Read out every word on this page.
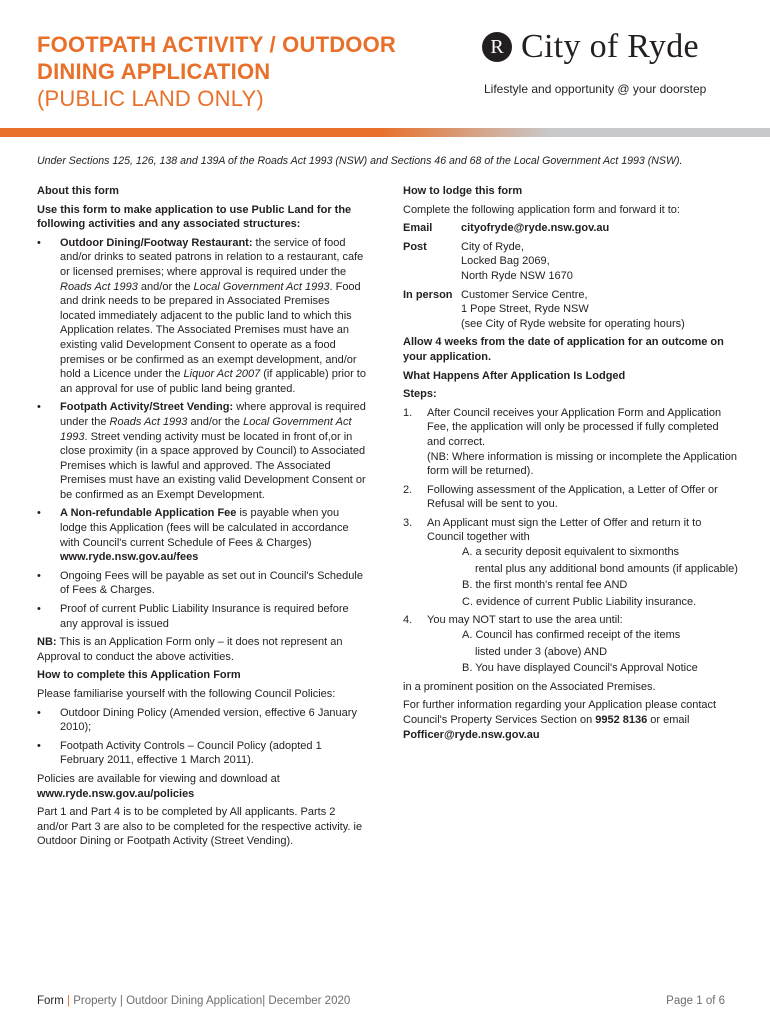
FOOTPATH ACTIVITY / OUTDOOR
DINING APPLICATION
(PUBLIC LAND ONLY)
R City of Ryde
Lifestyle and opportunity @ your doorstep
Under Sections 125, 126, 138 and 139A of the Roads Act 1993 (NSW) and Sections 46 and 68 of the Local Government Act 1993 (NSW).

About this form

Use this form to make application to use Public Land for the following activities and any associated structures:

• Outdoor Dining/Footway Restaurant: the service of food and/or drinks to seated patrons in relation to a restaurant, cafe or licensed premises; where approval is required under the Roads Act 1993 and/or the Local Government Act 1993. Food and drink needs to be prepared in Associated Premises located immediately adjacent to the public land to which this Application relates. The Associated Premises must have an existing valid Development Consent to operate as a food premises or be confirmed as an exempt development, and/or hold a Licence under the Liquor Act 2007 (if applicable) prior to an approval for use of public land being granted.
• Footpath Activity/Street Vending: where approval is required under the Roads Act 1993 and/or the Local Government Act 1993. Street vending activity must be located in front of,or in close proximity (in a space approved by Council) to Associated Premises which is lawful and approved. The Associated Premises must have an existing valid Development Consent or be confirmed as an Exempt Development.
• A Non-refundable Application Fee is payable when you lodge this Application (fees will be calculated in accordance with Council's current Schedule of Fees & Charges) www.ryde.nsw.gov.au/fees
• Ongoing Fees will be payable as set out in Council's Schedule of Fees & Charges.
• Proof of current Public Liability Insurance is required before any approval is issued

NB: This is an Application Form only – it does not represent an Approval to conduct the above activities.

How to complete this Application Form

Please familiarise yourself with the following Council Policies:

• Outdoor Dining Policy (Amended version, effective 6 January 2010);
• Footpath Activity Controls – Council Policy (adopted 1 February 2011, effective 1 March 2011).

Policies are available for viewing and download at
www.ryde.nsw.gov.au/policies

Part 1 and Part 4 is to be completed by All applicants. Parts 2 and/or Part 3 are also to be completed for the respective activity. ie Outdoor Dining or Footpath Activity (Street Vending).

How to lodge this form

Complete the following application form and forward it to:

Email	cityofryde@ryde.nsw.gov.au
Post	City of Ryde,
Locked Bag 2069,
North Ryde NSW 1670
In person Customer Service Centre,
1 Pope Street, Ryde NSW
(see City of Ryde website for operating hours)

Allow 4 weeks from the date of application for an outcome on your application.

What Happens After Application Is Lodged

Steps:

1. After Council receives your Application Form and Application Fee, the application will only be processed if fully completed and correct.
(NB: Where information is missing or incomplete the Application form will be returned).
2. Following assessment of the Application, a Letter of Offer or Refusal will be sent to you.
3. An Applicant must sign the Letter of Offer and return it to Council together with
A. a security deposit equivalent to sixmonths
rental plus any additional bond amounts (if applicable)
B. the first month's rental fee AND
C. evidence of current Public Liability insurance.
4. You may NOT start to use the area until:
A. Council has confirmed receipt of the items
listed under 3 (above) AND
B. You have displayed Council's Approval Notice

in a prominent position on the Associated Premises.

For further information regarding your Application please contact Council's Property Services Section on 9952 8136 or email Pofficer@ryde.nsw.gov.au

Form | Property | Outdoor Dining Application| December 2020	Page 1 of 6
